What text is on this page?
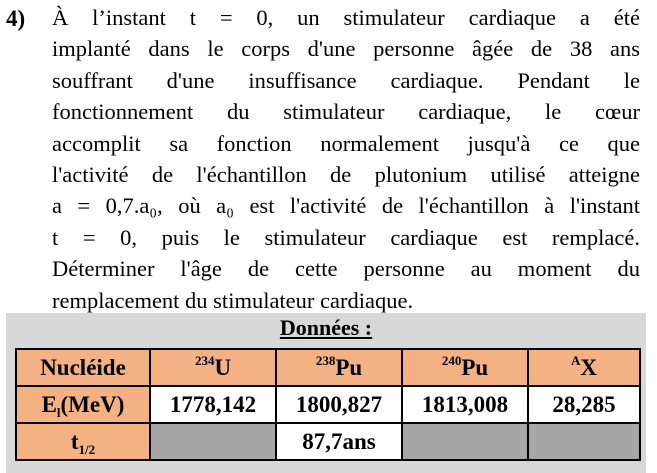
4) À l’instant t = 0, un stimulateur cardiaque a été
implanté dans le corps d'une personne âgée de 38 ans
souffrant d'une insuffisance cardiaque. Pendant le
fonctionnement du stimulateur cardiaque, le cœur
accomplit sa fonction normalement jusqu'à ce que
l'activité de l'échantillon de plutonium utilisé atteigne
a = 0,7.a₀, où a₀ est l'activité de l'échantillon à l'instant
t = 0, puis le stimulateur cardiaque est remplacé.
Déterminer l'âge de cette personne au moment du
remplacement du stimulateur cardiaque.
Données :
Nucléide	$^{234}$U	$^{238}$Pu	$^{240}$Pu	$^A$X
El(MeV)	1778,142	1800,827	1813,008	28,285
t1/2		87,7ans		
